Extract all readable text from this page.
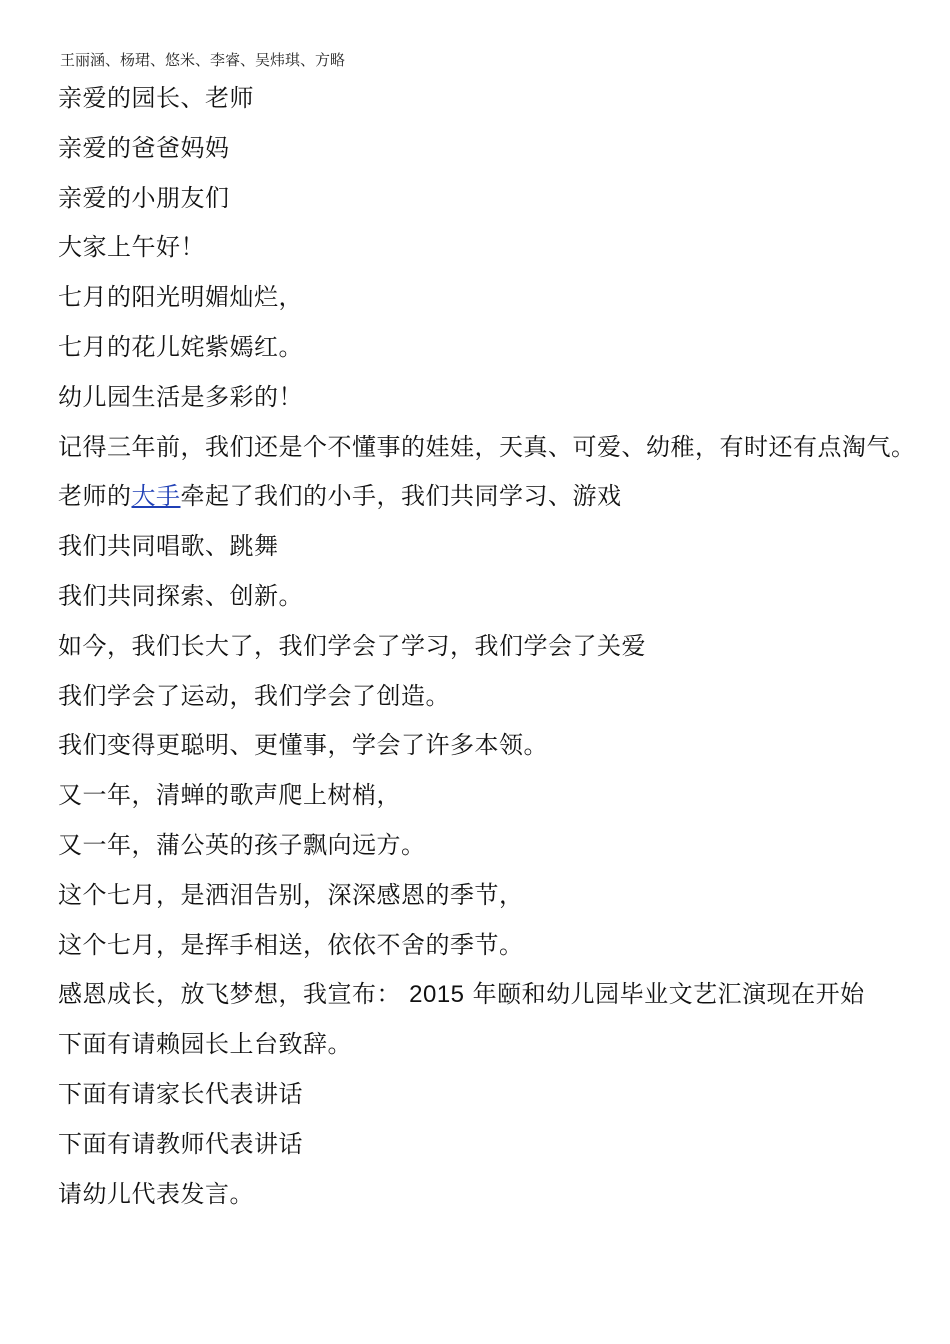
王丽涵、杨珺、悠米、李睿、吴炜琪、方略
亲爱的园长、老师
亲爱的爸爸妈妈
亲爱的小朋友们
大家上午好！
七月的阳光明媚灿烂，
七月的花儿姹紫嫣红。
幼儿园生活是多彩的！
记得三年前，我们还是个不懂事的娃娃，天真、可爱、幼稚，有时还有点淘气。
老师的大手牵起了我们的小手，我们共同学习、游戏
我们共同唱歌、跳舞
我们共同探索、创新。
如今，我们长大了，我们学会了学习，我们学会了关爱
我们学会了运动，我们学会了创造。
我们变得更聪明、更懂事，学会了许多本领。
又一年，清蝉的歌声爬上树梢，
又一年，蒲公英的孩子飘向远方。
这个七月，是洒泪告别，深深感恩的季节，
这个七月，是挥手相送，依依不舍的季节。
感恩成长，放飞梦想，我宣布： 2015 年颐和幼儿园毕业文艺汇演现在开始
下面有请赖园长上台致辞。
下面有请家长代表讲话
下面有请教师代表讲话
请幼儿代表发言。
